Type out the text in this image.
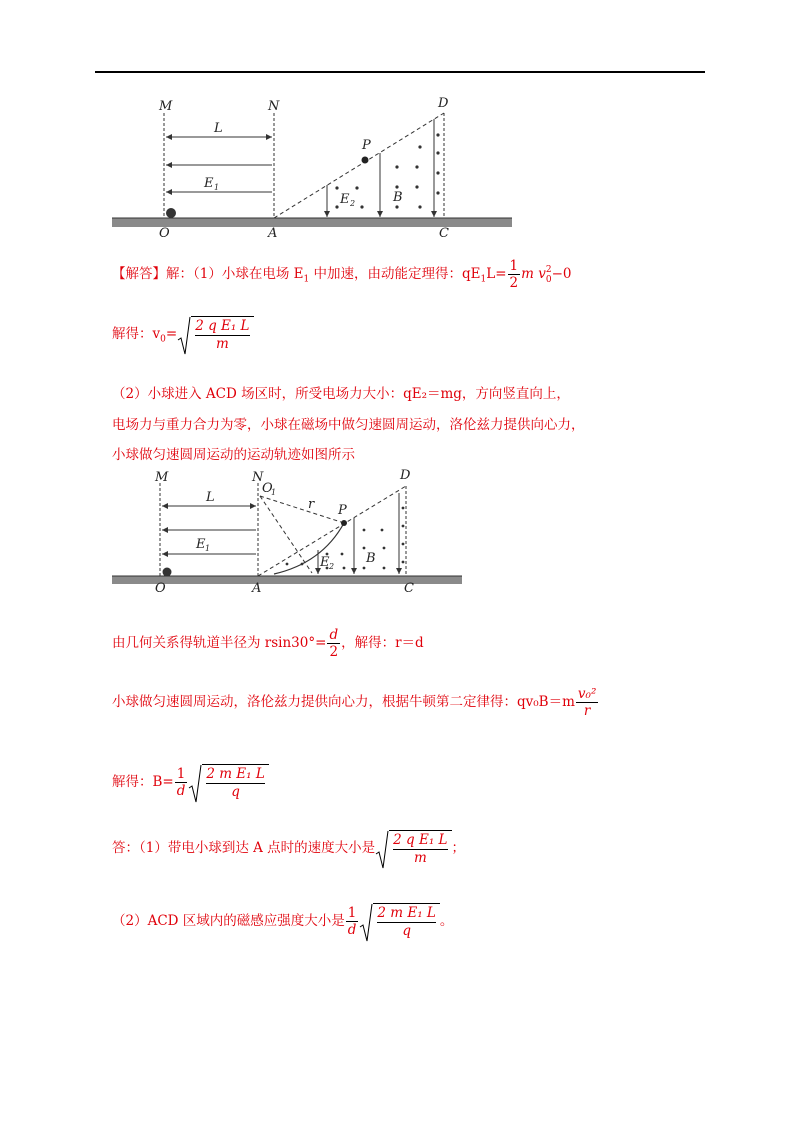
M	N	D
P
L
E 1
E 2	B
O	A	C
【解答】解：（1）小球在电场 $E_1$ 中加速，由动能定理得：$qE_1L= \frac{1}{2}$ m v 2
0 −0
解得：$v_0= \frac{\text{2 q E₁ L}}{m}$
（2）小球进入 ACD 场区时，所受电场力大小：qE₂＝mg，方向竖直向上，
电场力与重力合力为零，小球在磁场中做匀速圆周运动，洛伦兹力提供向心力，
小球做匀速圆周运动的运动轨迹如图所示
M	N
O
1
r P
D
L
E 1
E 2
B
O	A	C
由几何关系得轨道半径为 $rsin30^\circ= \frac{d}{2}$ ，解得：r＝d
小球做匀速圆周运动，洛伦兹力提供向心力，根据牛顿第二定律得：$qv_0B=m \frac{\text{v₀²}}{r}$
解得：$B= \frac{1}{d} \frac{\text{2 m E₁ L}}{q}$
答：（1）带电小球到达 A 点时的速度大小是 $\frac{\text{2 q E₁ L}}{m}$ ；
（2）ACD 区域内的磁感应强度大小是 $\frac{1}{d} \frac{\text{2 m E₁ L}}{q}$ 。
